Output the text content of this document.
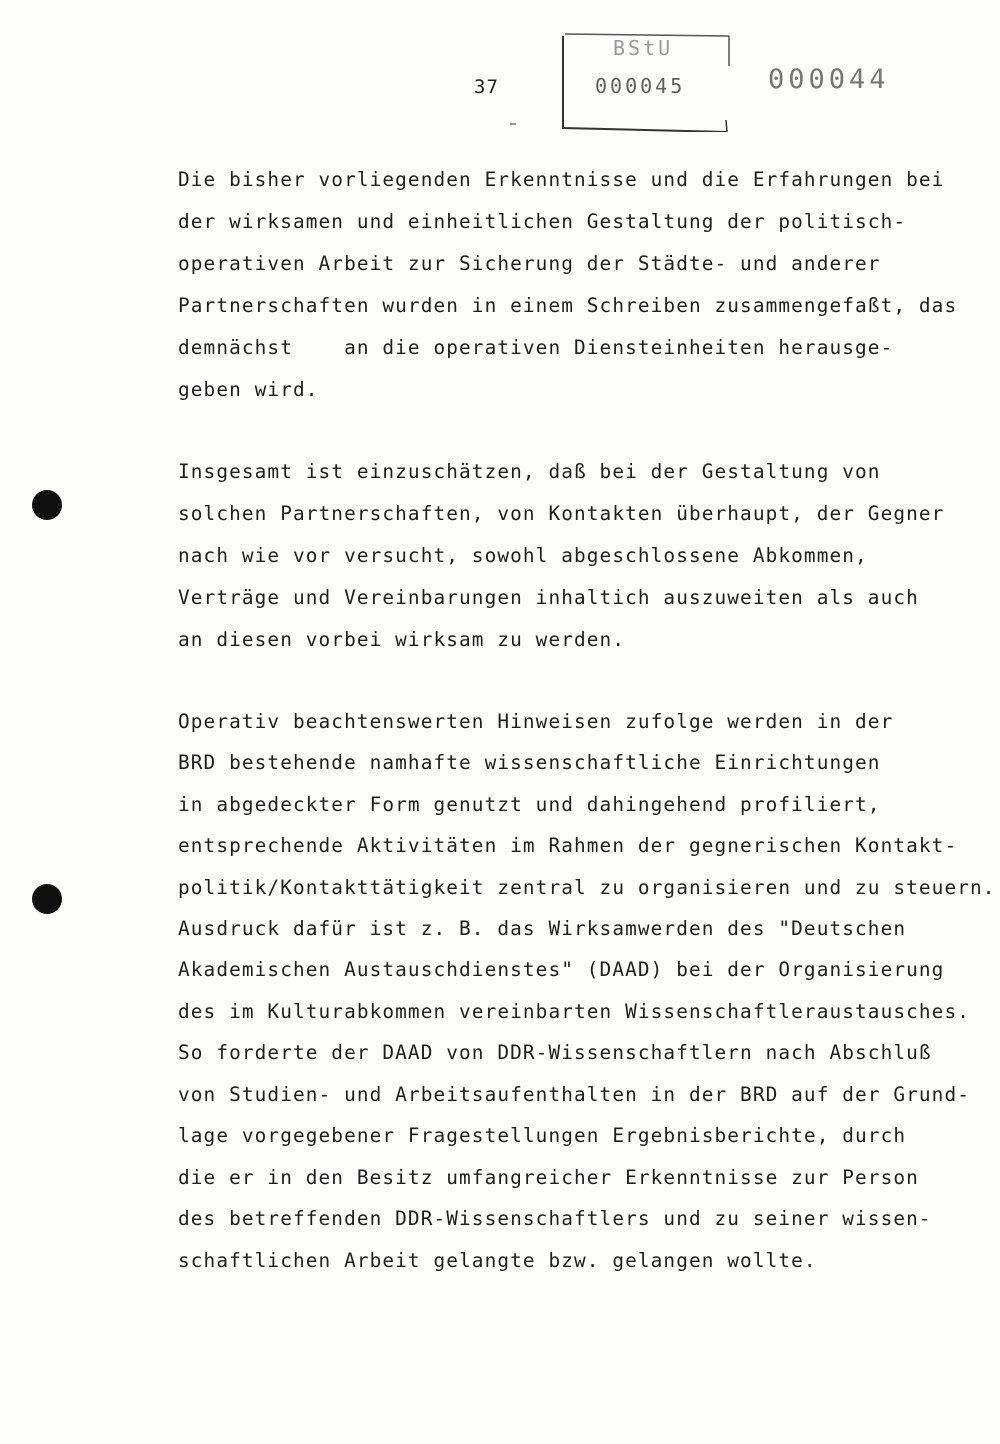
37
BStU
000045	000044
Die bisher vorliegenden Erkenntnisse und die Erfahrungen bei
der wirksamen und einheitlichen Gestaltung der politisch-
operativen Arbeit zur Sicherung der Städte- und anderer
Partnerschaften wurden in einem Schreiben zusammengefaßt, das
demnächst    an die operativen Diensteinheiten herausge-
geben wird.
Insgesamt ist einzuschätzen, daß bei der Gestaltung von
solchen Partnerschaften, von Kontakten überhaupt, der Gegner
nach wie vor versucht, sowohl abgeschlossene Abkommen,
Verträge und Vereinbarungen inhaltich auszuweiten als auch
an diesen vorbei wirksam zu werden.
Operativ beachtenswerten Hinweisen zufolge werden in der
BRD bestehende namhafte wissenschaftliche Einrichtungen
in abgedeckter Form genutzt und dahingehend profiliert,
entsprechende Aktivitäten im Rahmen der gegnerischen Kontakt-
politik/Kontakttätigkeit zentral zu organisieren und zu steuern.
Ausdruck dafür ist z. B. das Wirksamwerden des "Deutschen
Akademischen Austauschdienstes" (DAAD) bei der Organisierung
des im Kulturabkommen vereinbarten Wissenschaftleraustausches.
So forderte der DAAD von DDR-Wissenschaftlern nach Abschluß
von Studien- und Arbeitsaufenthalten in der BRD auf der Grund-
lage vorgegebener Fragestellungen Ergebnisberichte, durch
die er in den Besitz umfangreicher Erkenntnisse zur Person
des betreffenden DDR-Wissenschaftlers und zu seiner wissen-
schaftlichen Arbeit gelangte bzw. gelangen wollte.
